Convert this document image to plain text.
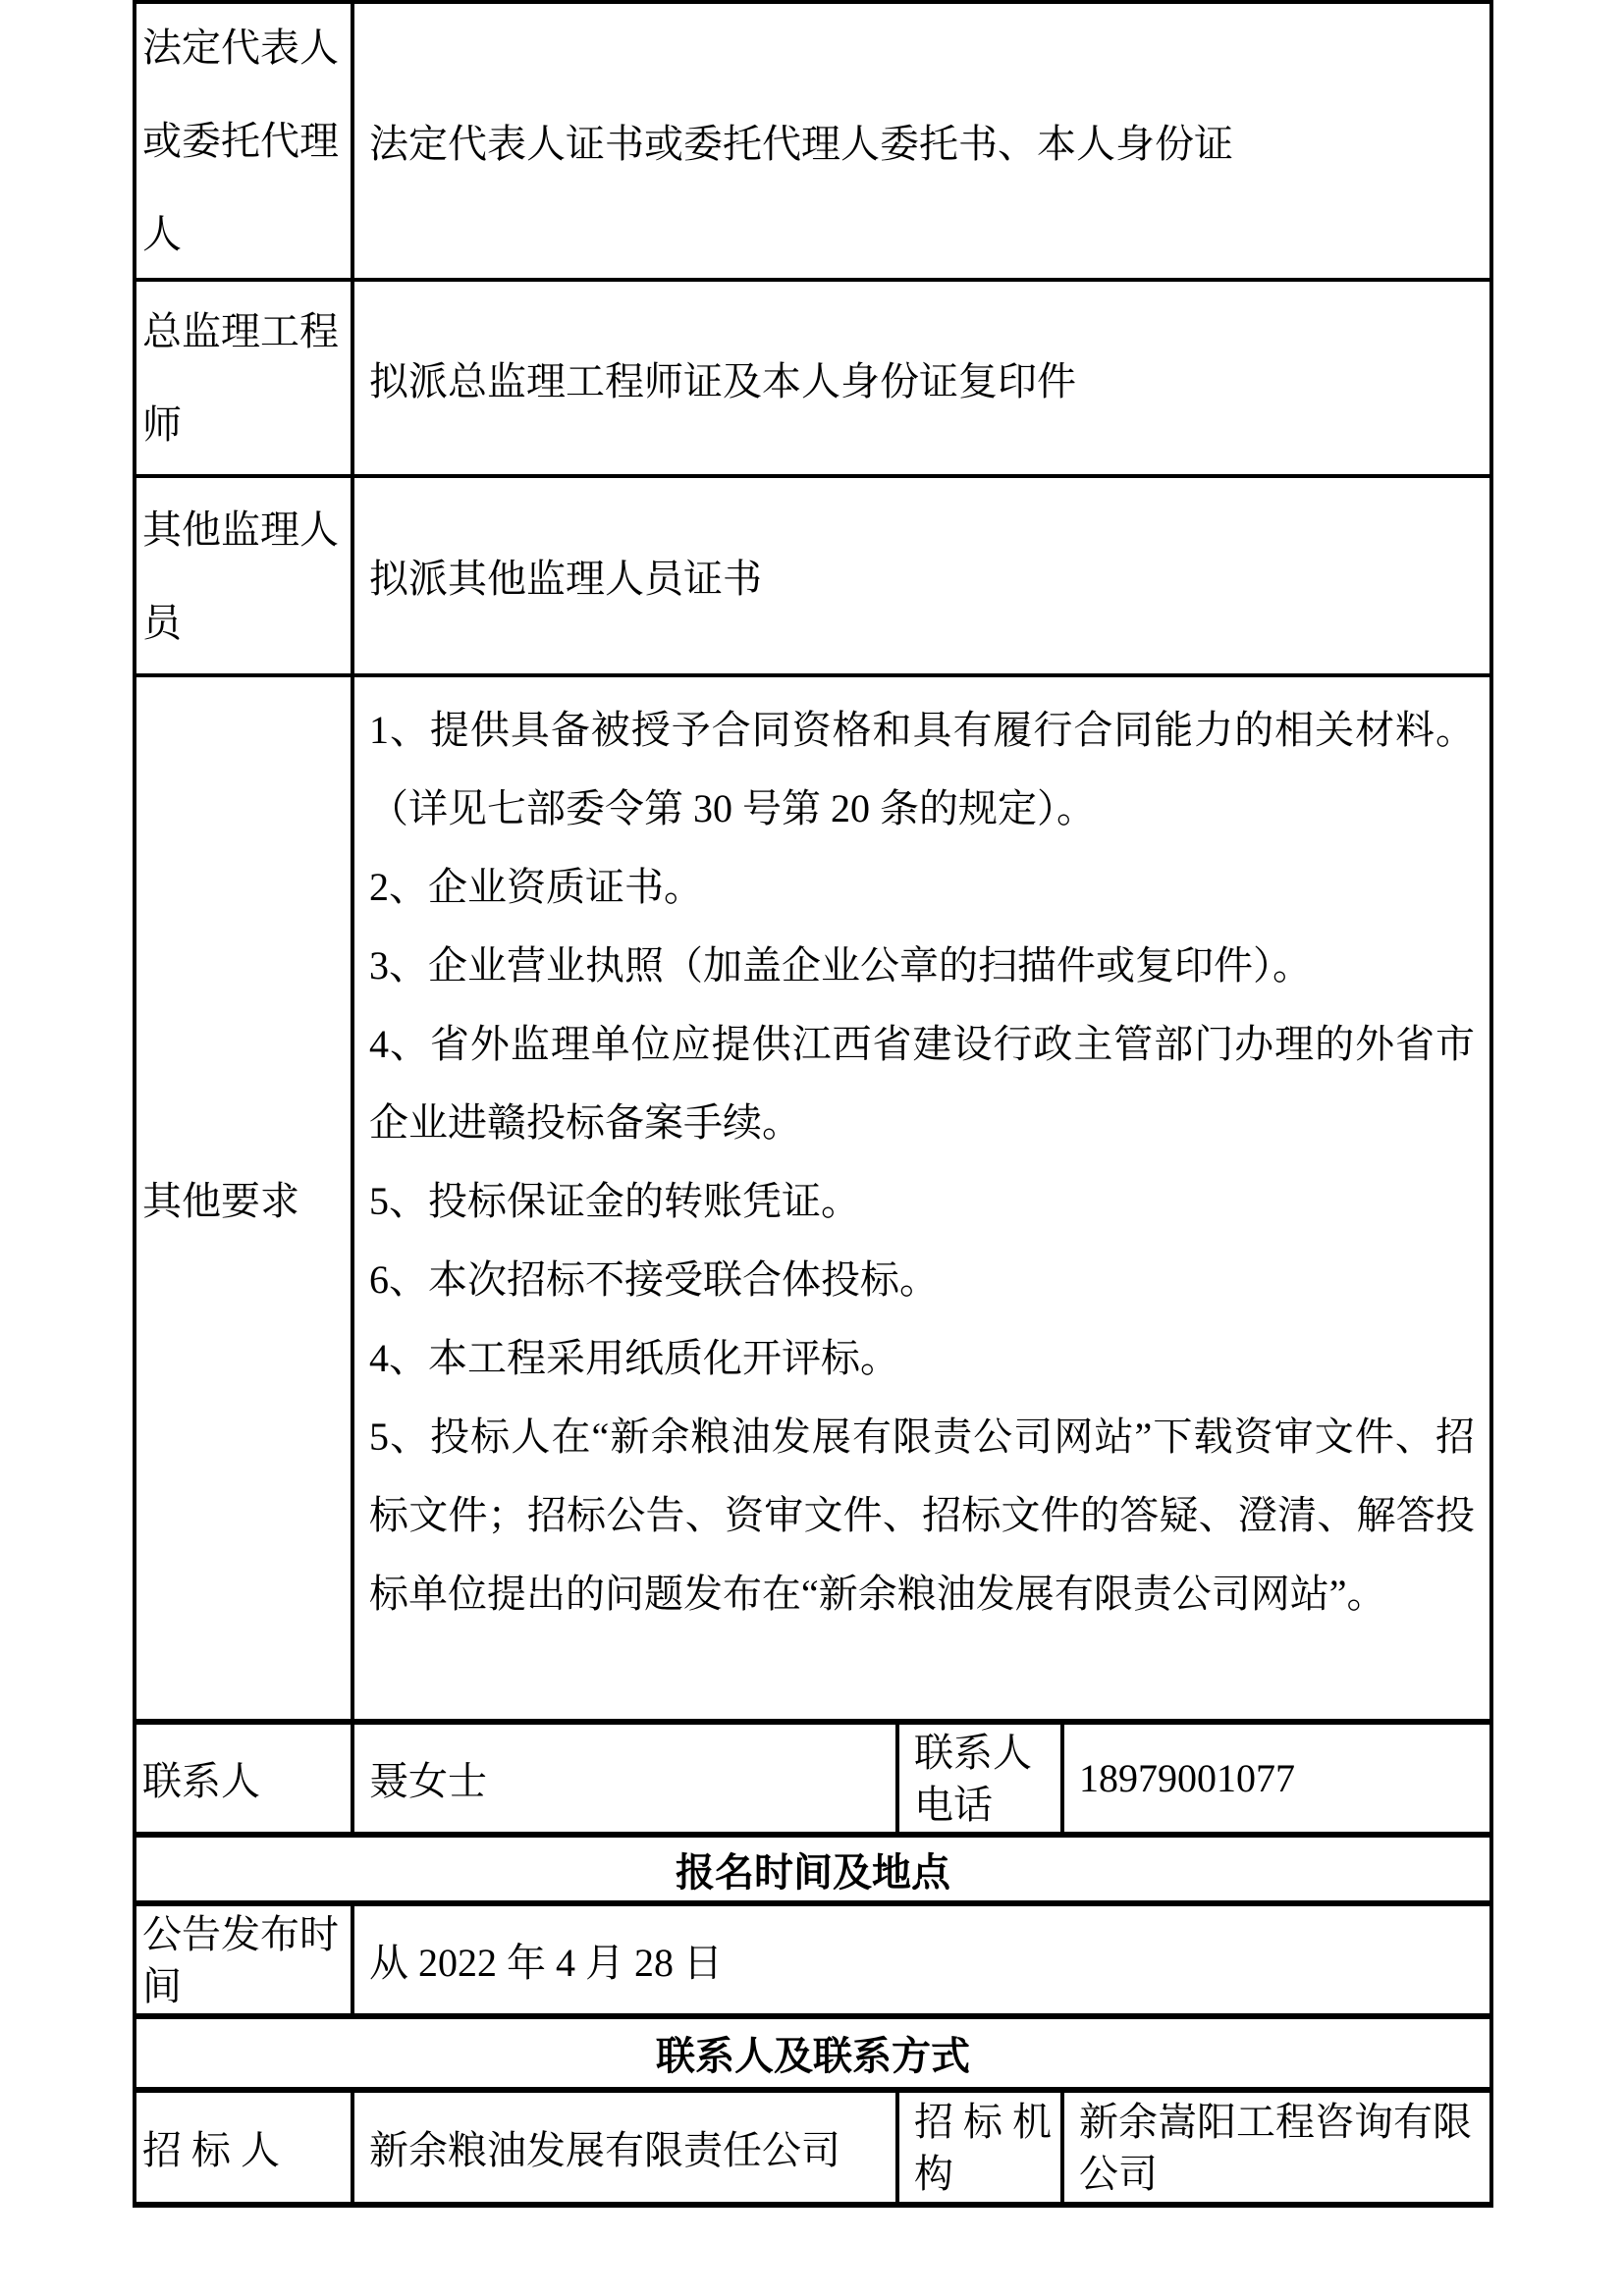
法定代表人或委托代理人
法定代表人证书或委托代理人委托书、本人身份证
总监理工程师
拟派总监理工程师证及本人身份证复印件
其他监理人员
拟派其他监理人员证书
其他要求
1、提供具备被授予合同资格和具有履行合同能力的相关材料。（详见七部委令第 30 号第 20 条的规定）。
2、企业资质证书。
3、企业营业执照（加盖企业公章的扫描件或复印件）。
4、省外监理单位应提供江西省建设行政主管部门办理的外省市企业进赣投标备案手续。
5、投标保证金的转账凭证。
6、本次招标不接受联合体投标。
4、本工程采用纸质化开评标。
5、投标人在“新余粮油发展有限责公司网站”下载资审文件、招标文件；招标公告、资审文件、招标文件的答疑、澄清、解答投标单位提出的问题发布在“新余粮油发展有限责公司网站”。
联系人	聂女士
联系人电话
18979001077
报名时间及地点
公告发布时间
从 2022 年 4 月 28 日
联系人及联系方式
招 标 人	新余粮油发展有限责任公司
招 标 机构
新余嵩阳工程咨询有限公司
